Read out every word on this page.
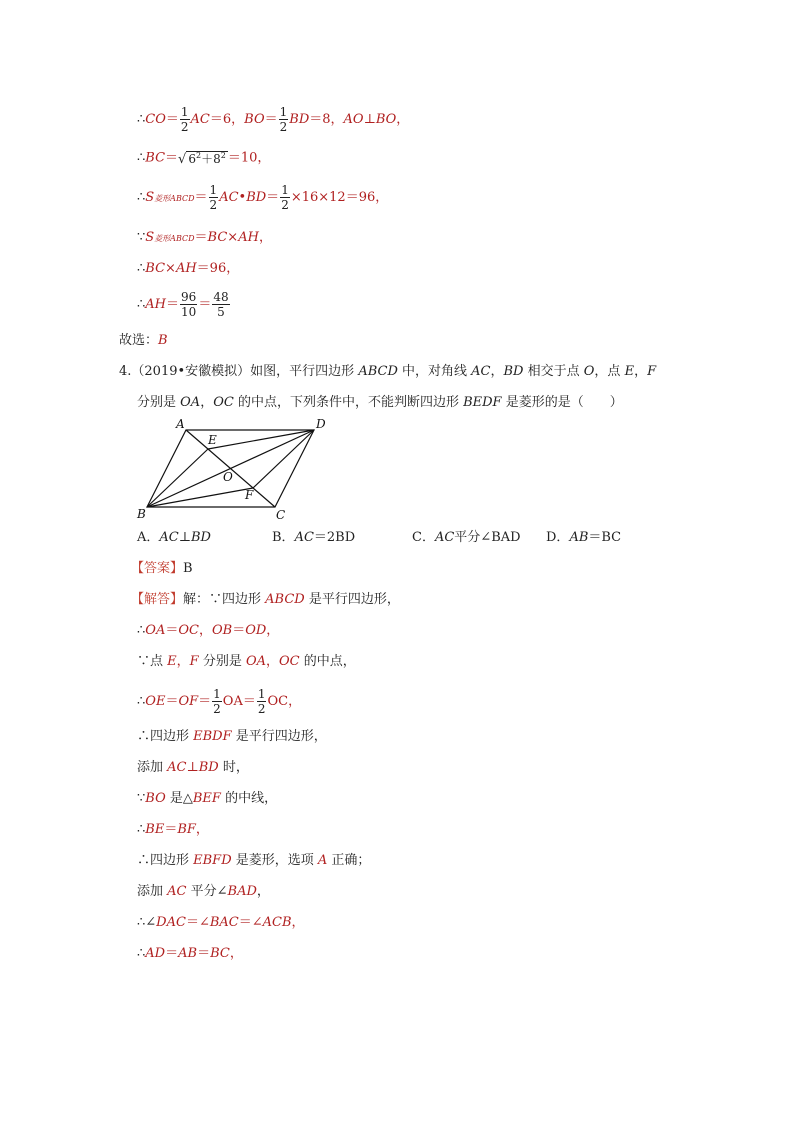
∴CO＝ $\frac{1}{2} AC=6$，$BO= \frac{1}{2} BD=8$，AO⊥BO，
∴BC＝√ $6^2+8^2 =10$，
∴S菱形ABCD＝ $\frac{1}{2}$ AC•BD＝ $\frac{1}{2} \times 16\times 12=96$，
∵S菱形ABCD＝BC×AH，
∴BC×AH＝96，
∴AH＝ $\frac{96}{10} = \frac{48}{5}$
故选：B
4.（2019•安徽模拟）如图，平行四边形 ABCD 中，对角线 AC，BD 相交于点 O，点 E，F
分别是 OA，OC 的中点，下列条件中，不能判断四边形 BEDF 是菱形的是（　　）
A	D
B	C
E
F
O
A．AC⊥BD	B．AC＝2BD	C．AC平分∠BAD D．AB＝BC
【答案】B
【解答】解：∵四边形 ABCD 是平行四边形，
∴OA＝OC，OB＝OD，
∵点 E，F 分别是 OA，OC 的中点，
∴OE＝OF＝ $\frac{1}{2} OA= \frac{1}{2}$ OC，
∴四边形 EBDF 是平行四边形，
添加 AC⊥BD 时，
∵BO 是△BEF 的中线，
∴BE＝BF，
∴四边形 EBFD 是菱形，选项 A 正确；
添加 AC 平分∠BAD，
∴∠DAC＝∠BAC＝∠ACB，
∴AD＝AB＝BC，
